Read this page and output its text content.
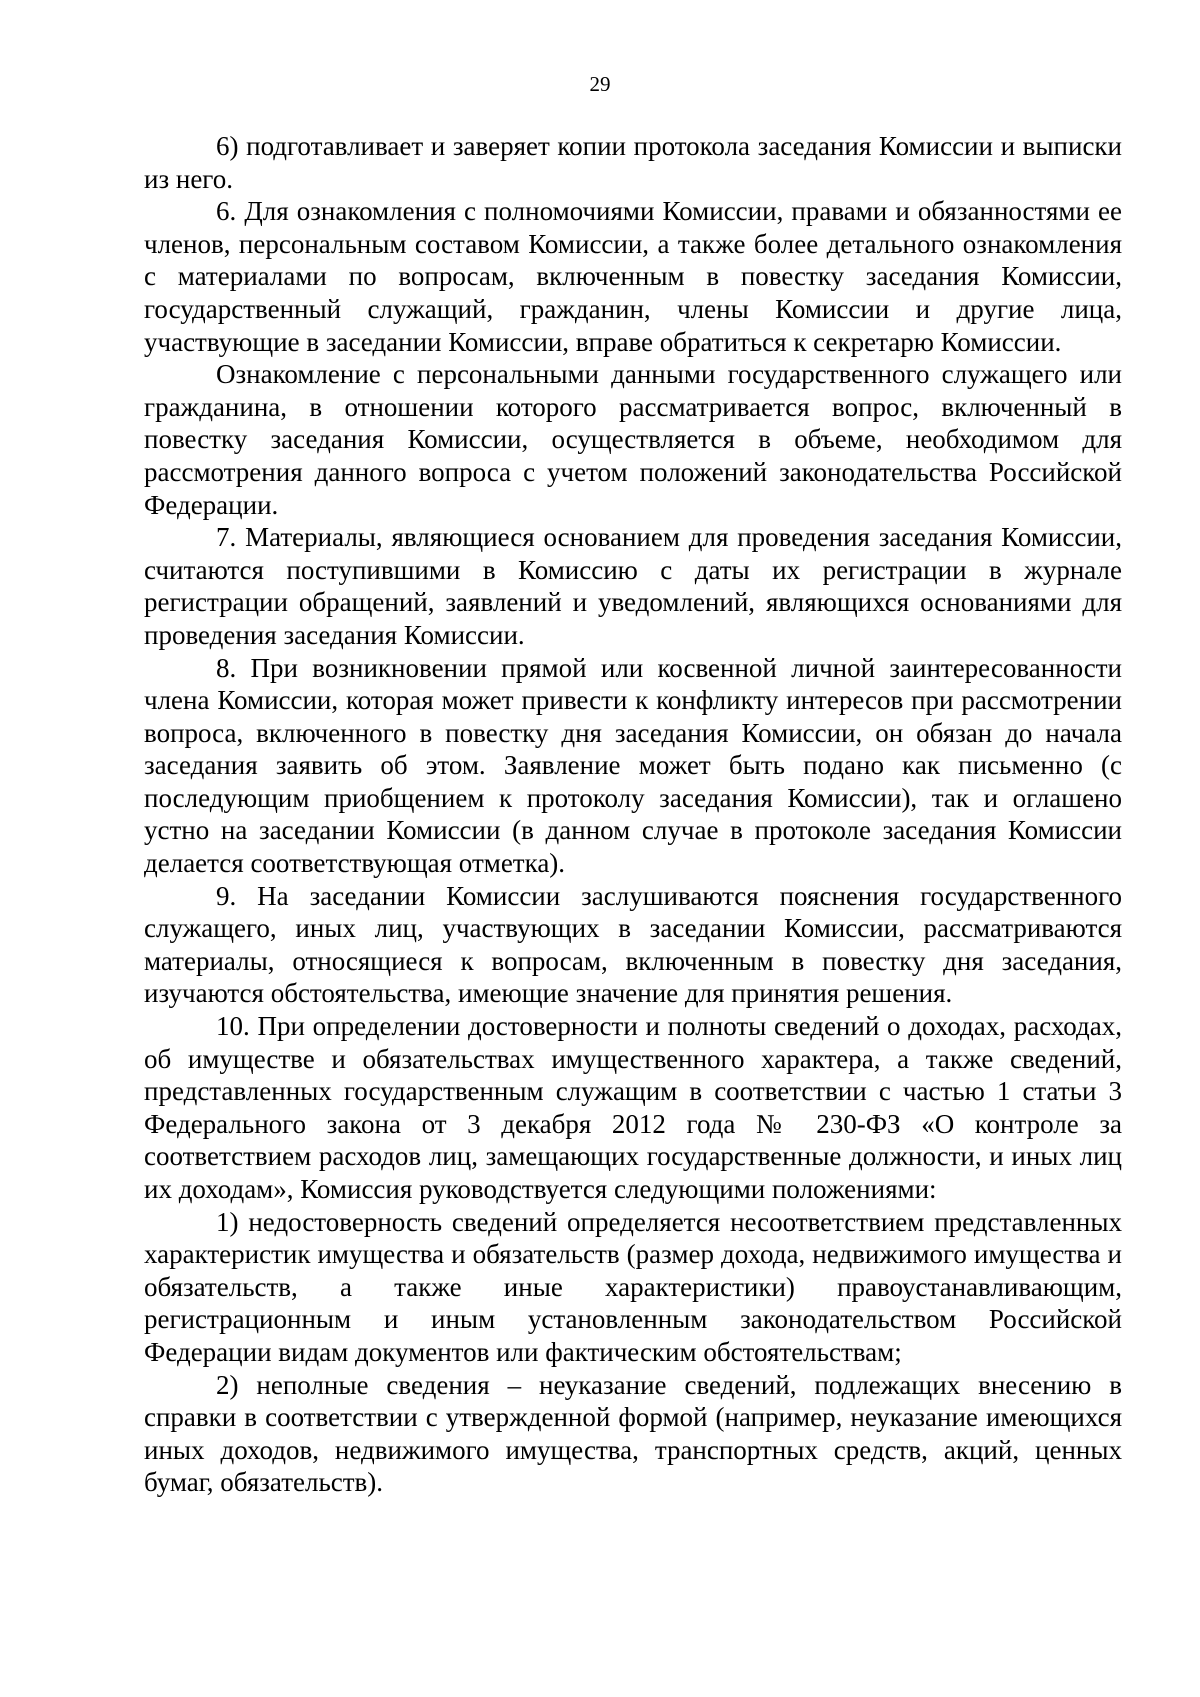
29

6) подготавливает и заверяет копии протокола заседания Комиссии и выписки из него.

6. Для ознакомления с полномочиями Комиссии, правами и обязанностями ее членов, персональным составом Комиссии, а также более детального ознакомления с материалами по вопросам, включенным в повестку заседания Комиссии, государственный служащий, гражданин, члены Комиссии и другие лица, участвующие в заседании Комиссии, вправе обратиться к секретарю Комиссии.

Ознакомление с персональными данными государственного служащего или гражданина, в отношении которого рассматривается вопрос, включенный в повестку заседания Комиссии, осуществляется в объеме, необходимом для рассмотрения данного вопроса с учетом положений законодательства Российской Федерации.

7. Материалы, являющиеся основанием для проведения заседания Комиссии, считаются поступившими в Комиссию с даты их регистрации в журнале регистрации обращений, заявлений и уведомлений, являющихся основаниями для проведения заседания Комиссии.

8. При возникновении прямой или косвенной личной заинтересованности члена Комиссии, которая может привести к конфликту интересов при рассмотрении вопроса, включенного в повестку дня заседания Комиссии, он обязан до начала заседания заявить об этом. Заявление может быть подано как письменно (с последующим приобщением к протоколу заседания Комиссии), так и оглашено устно на заседании Комиссии (в данном случае в протоколе заседания Комиссии делается соответствующая отметка).

9. На заседании Комиссии заслушиваются пояснения государственного служащего, иных лиц, участвующих в заседании Комиссии, рассматриваются материалы, относящиеся к вопросам, включенным в повестку дня заседания, изучаются обстоятельства, имеющие значение для принятия решения.

10. При определении достоверности и полноты сведений о доходах, расходах, об имуществе и обязательствах имущественного характера, а также сведений, представленных государственным служащим в соответствии с частью 1 статьи 3 Федерального закона от 3 декабря 2012 года № 230-ФЗ «О контроле за соответствием расходов лиц, замещающих государственные должности, и иных лиц их доходам», Комиссия руководствуется следующими положениями:

1) недостоверность сведений определяется несоответствием представленных характеристик имущества и обязательств (размер дохода, недвижимого имущества и обязательств, а также иные характеристики) правоустанавливающим, регистрационным и иным установленным законодательством Российской Федерации видам документов или фактическим обстоятельствам;

2) неполные сведения – неуказание сведений, подлежащих внесению в справки в соответствии с утвержденной формой (например, неуказание имеющихся иных доходов, недвижимого имущества, транспортных средств, акций, ценных бумаг, обязательств).
